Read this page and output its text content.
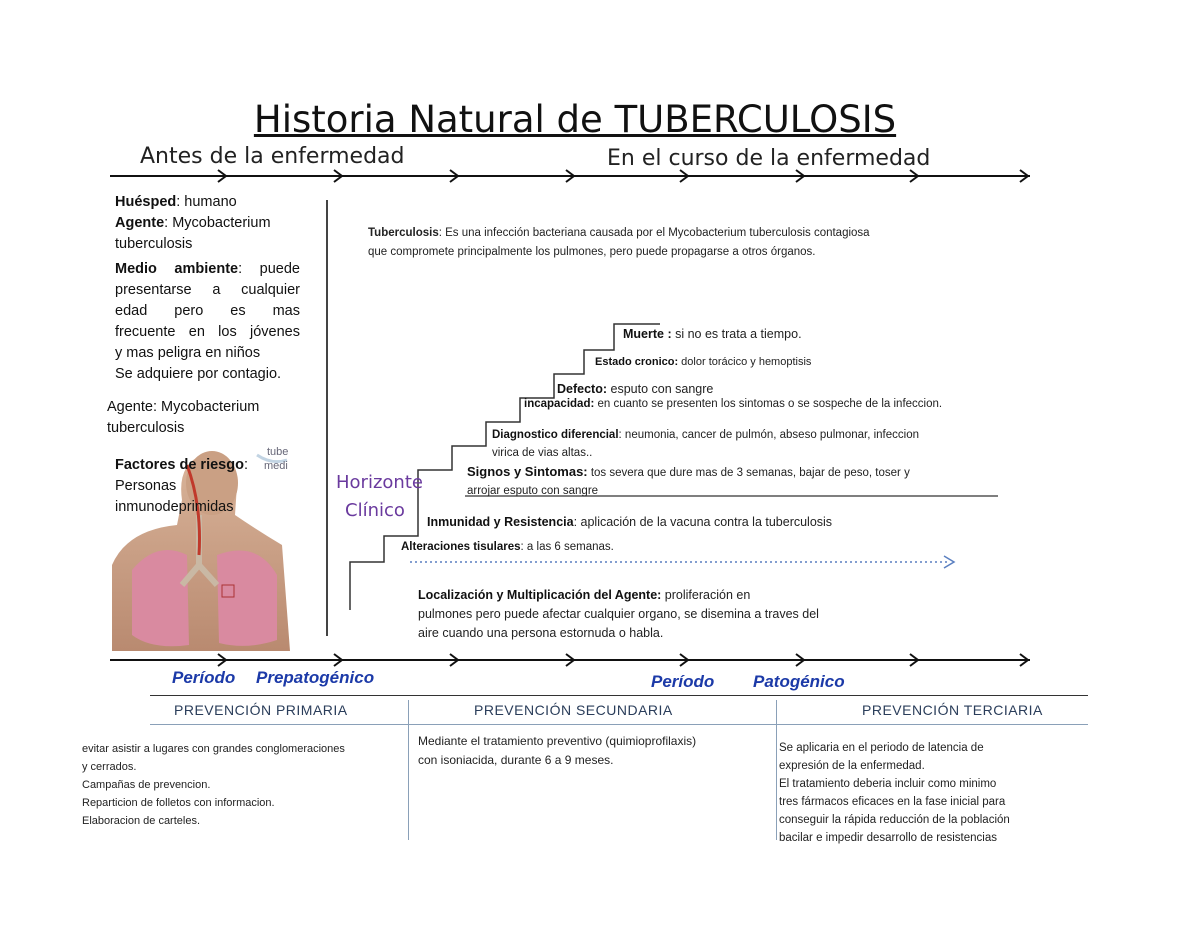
Historia Natural de TUBERCULOSIS
Antes de la enfermedad	En el curso de la enfermedad
Huésped: humano
Agente: Mycobacterium
tuberculosis
Medio ambiente: puede
presentarse a cualquier
edad pero es mas
frecuente en los jóvenes
y mas peligra en niños
Se adquiere por contagio.
Agente: Mycobacterium
tuberculosis
tube
medi
Factores de riesgo:
Personas
inmunodeprimidas
Tuberculosis: Es una infección bacteriana causada por el Mycobacterium tuberculosis contagiosa que compromete principalmente los pulmones, pero puede propagarse a otros órganos.
Muerte : si no es trata a tiempo.
Estado cronico: dolor torácico y hemoptisis
Defecto: esputo con sangre
incapacidad: en cuanto se presenten los sintomas o se sospeche de la infeccion.
Diagnostico diferencial: neumonia, cancer de pulmón, abseso pulmonar, infeccion
virica de vias altas..
Signos y Sintomas: tos severa que dure mas de 3 semanas, bajar de peso, toser y
arrojar esputo con sangre
Inmunidad y Resistencia: aplicación de la vacuna contra la tuberculosis
Alteraciones tisulares: a las 6 semanas.
Localización y Multiplicación del Agente: proliferación en
pulmones pero puede afectar cualquier organo, se disemina a traves del
aire cuando una persona estornuda o habla.
Horizonte
Clínico
Período Prepatogénico	Período Patogénico
PREVENCIÓN PRIMARIA	PREVENCIÓN SECUNDARIA	PREVENCIÓN TERCIARIA
evitar asistir a lugares con grandes conglomeraciones
y cerrados.
Campañas de prevencion.
Reparticion de folletos con informacion.
Elaboracion de carteles.
Mediante el tratamiento preventivo (quimioprofilaxis)
con isoniacida, durante 6 a 9 meses.
Se aplicaria en el periodo de latencia de
expresión de la enfermedad.
El tratamiento deberia incluir como minimo
tres fármacos eficaces en la fase inicial para
conseguir la rápida reducción de la población
bacilar e impedir desarrollo de resistencias
